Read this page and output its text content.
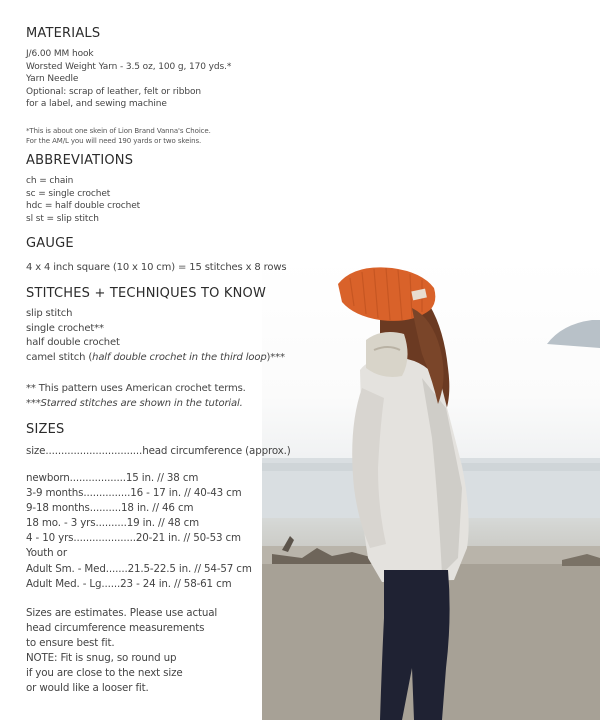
MATERIALS
J/6.00 MM hook
Worsted Weight Yarn - 3.5 oz, 100 g, 170 yds.*
Yarn Needle
Optional: scrap of leather, felt or ribbon
for a label, and sewing machine
*This is about one skein of Lion Brand Vanna's Choice.
For the AM/L you will need 190 yards or two skeins.
ABBREVIATIONS
ch = chain
sc = single crochet
hdc = half double crochet
sl st = slip stitch
GAUGE
4 x 4 inch square (10 x 10 cm) = 15 stitches x 8 rows
STITCHES + TECHNIQUES TO KNOW
slip stitch
single crochet**
half double crochet
camel stitch (half double crochet in the third loop)***
** This pattern uses American crochet terms.
***Starred stitches are shown in the tutorial.
SIZES
size...............................head circumference (approx.)
newborn..................15 in. // 38 cm
3-9 months...............16 - 17 in. // 40-43 cm
9-18 months..........18 in. // 46 cm
18 mo. - 3 yrs..........19 in. // 48 cm
4 - 10 yrs....................20-21 in. // 50-53 cm
Youth or
Adult Sm. - Med.......21.5-22.5 in. // 54-57 cm
Adult Med. - Lg......23 - 24 in. // 58-61 cm
Sizes are estimates. Please use actual
head circumference measurements
to ensure best fit.
NOTE: Fit is snug, so round up
if you are close to the next size
or would like a looser fit.
